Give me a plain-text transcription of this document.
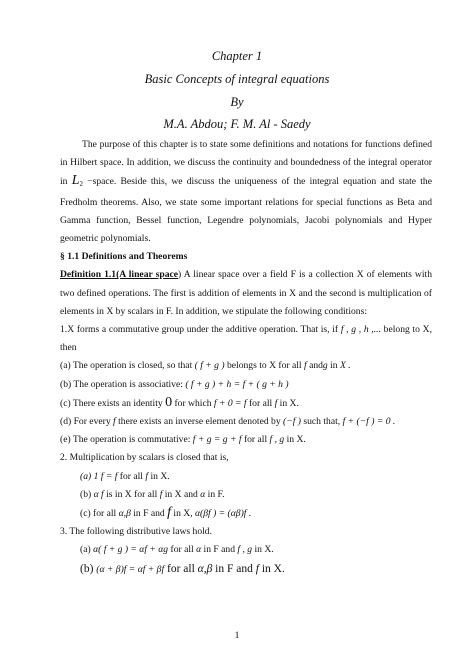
Chapter 1
Basic Concepts of integral equations
By
M.A. Abdou; F. M. Al - Saedy

The purpose of this chapter is to state some definitions and notations for functions defined in Hilbert space. In addition, we discuss the continuity and boundedness of the integral operator in $L_2$ −space. Beside this, we discuss the uniqueness of the integral equation and state the Fredholm theorems. Also, we state some important relations for special functions as Beta and Gamma function, Bessel function, Legendre polynomials, Jacobi polynomials and Hyper geometric polynomials.

§ 1.1 Definitions and Theorems

Definition 1.1(A linear space) A linear space over a field F is a collection X of elements with two defined operations. The first is addition of elements in X and the second is multiplication of elements in X by scalars in F. In addition, we stipulate the following conditions:

1.X forms a commutative group under the additive operation. That is, if f , g , h ,... belong to X, then

(a) The operation is closed, so that ( f + g ) belongs to X for all f andg in X .

(b) The operation is associative: ( f + g ) + h = f + ( g + h )

(c) There exists an identity 0 for which f + 0 = f for all f in X.

(d) For every f there exists an inverse element denoted by (−f ) such that, f + (−f ) = 0 .

(e) The operation is commutative: f + g = g + f for all f , g in X.

2. Multiplication by scalars is closed that is,

(a) 1 f = f for all f in X.

(b) α f is in X for all f in X and α in F.

(c) for all α,β in F and f in X, α(βf ) = (αβ)f .

3. The following distributive laws hold.

(a) α( f + g ) = αf + αg for all α in F and f , g in X.

(b) (α + β)f = αf + βf for all α,β in F and f in X.

1
